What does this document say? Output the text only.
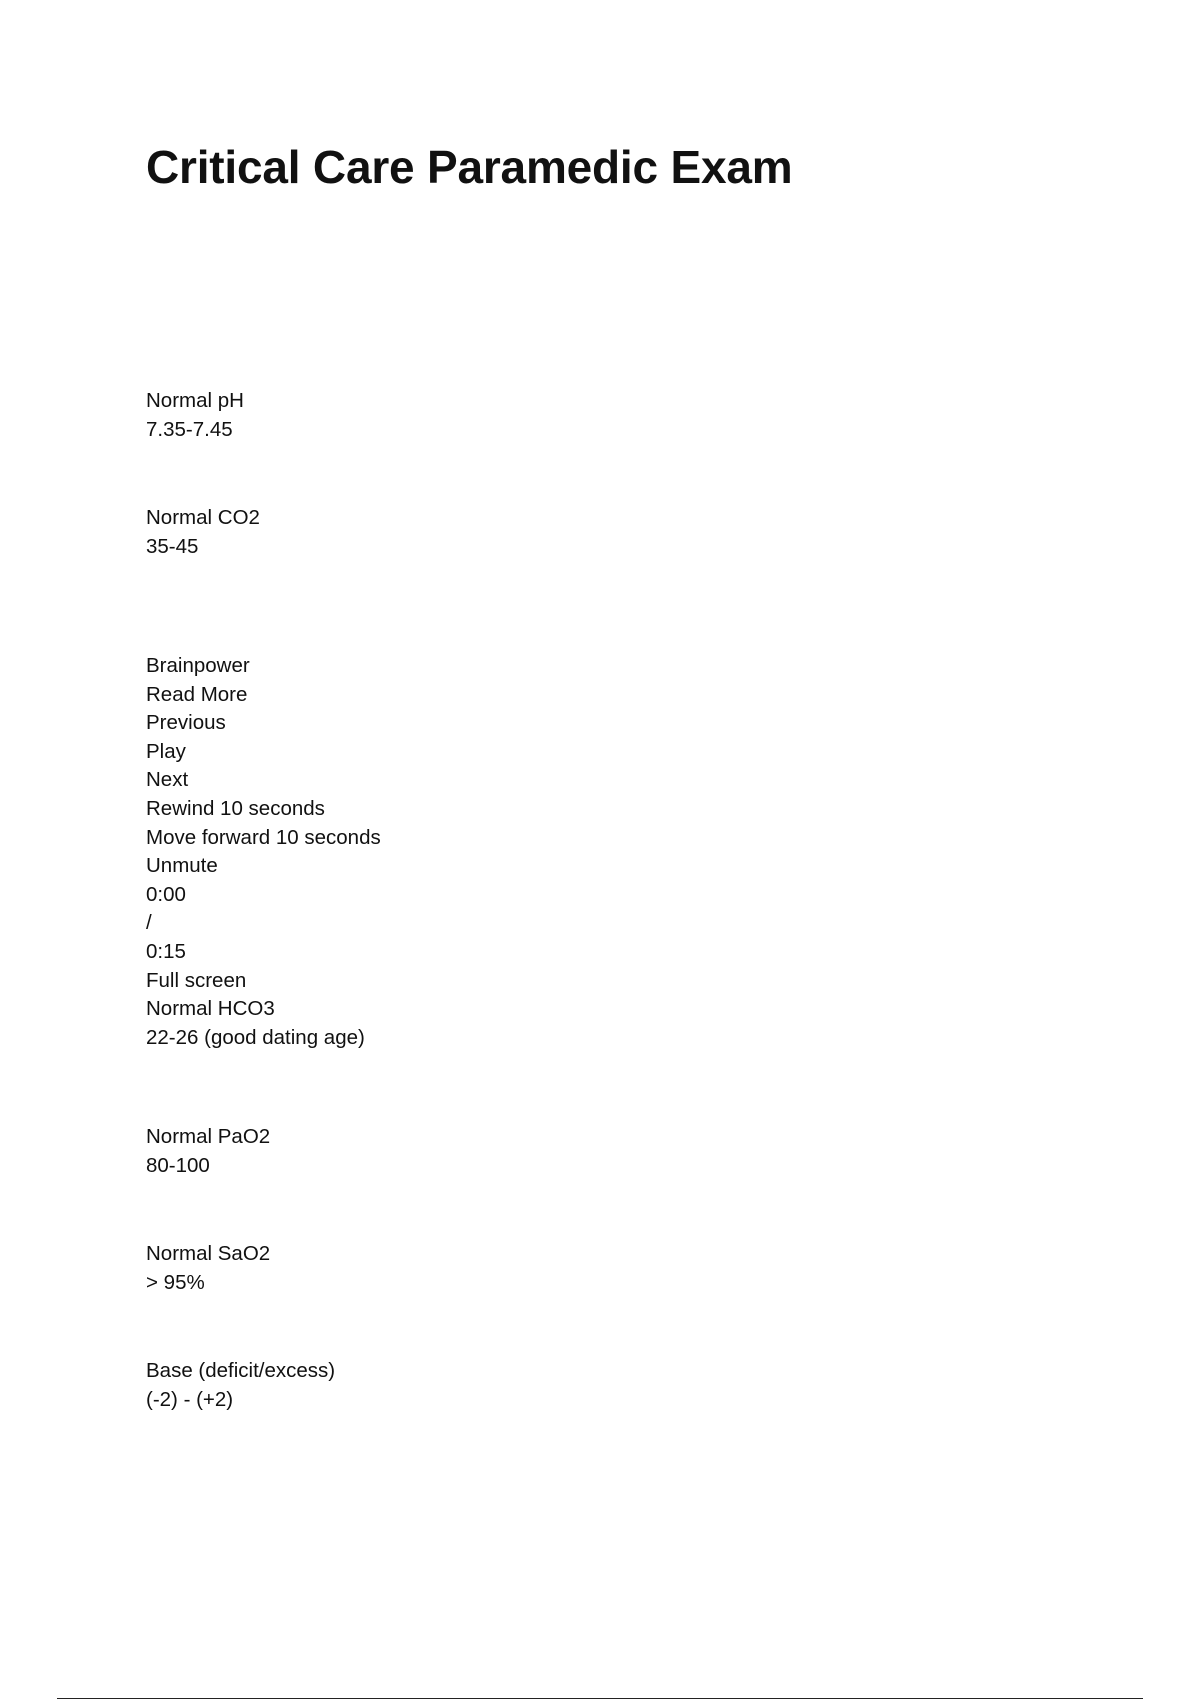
Critical Care Paramedic Exam
Normal pH
7.35-7.45
Normal CO2
35-45
Brainpower
Read More
Previous
Play
Next
Rewind 10 seconds
Move forward 10 seconds
Unmute
0:00
/
0:15
Full screen
Normal HCO3
22-26 (good dating age)
Normal PaO2
80-100
Normal SaO2
> 95%
Base (deficit/excess)
(-2) - (+2)
